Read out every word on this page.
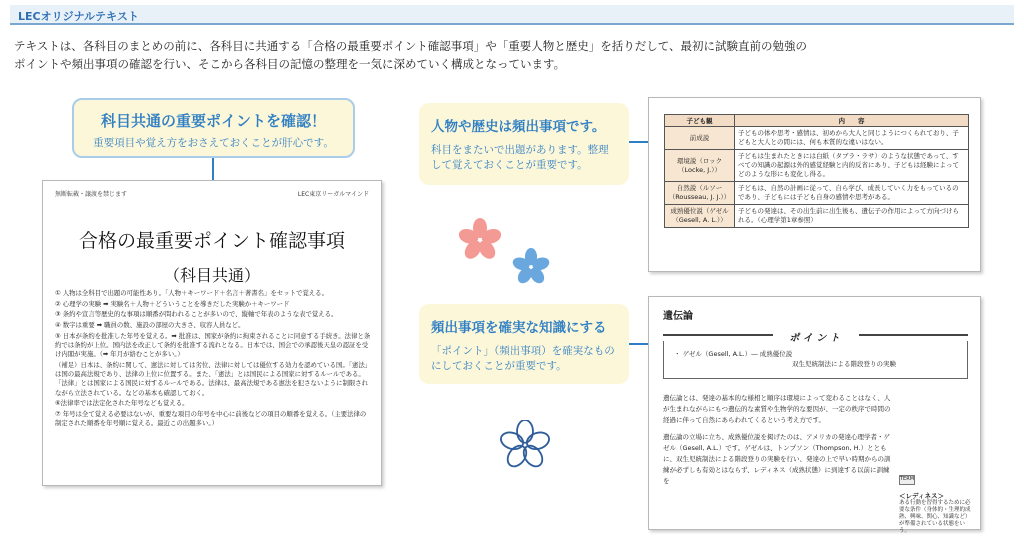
LECオリジナルテキスト
テキストは、各科目のまとめの前に、各科目に共通する「合格の最重要ポイント確認事項」や「重要人物と歴史」を括りだして、最初に試験直前の勉強の
ポイントや頻出事項の確認を行い、そこから各科目の記憶の整理を一気に深めていく構成となっています。
科目共通の重要ポイントを確認！
重要項目や覚え方をおさえておくことが肝心です。
無断転載・譲渡を禁じます	LEC東京リーガルマインド
合格の最重要ポイント確認事項
（科目共通）

① 人物は全科目で出題の可能性あり。「人物＋キーワード＋名言＋著書名」をセットで覚える。

② 心理学の実験 ➡ 実験名＋人物＋どういうことを導きだした実験か＋キーワード

③ 条約や宣言等歴史的な事項は順番が問われることが多いので、縦軸で年表のような表で覚える。

④ 数字は重要 ➡ 職員の数、施設の部屋の大きさ、収容人員など。

⑤ 日本が条約を批准した年号を覚える。➡ 批准は、国家が条約に拘束されることに同意する手続き。法律と条約では条約が上位。国内法を改正して条約を批准する流れとなる。日本では、国会での承認後天皇の認証を受け内閣が実施。（➡ 年月が絡むことが多い。）

（補足）日本は、条約に関して、憲法に対しては劣位、法律に対しては優位する効力を認めている国。「憲法」は国の最高法規であり、法律の上位に位置する。また、「憲法」とは国民による国家に対するルールである。「法律」とは国家による国民に対するルールである。法律は、最高法規である憲法を犯さないように制限されながら立法されている。などの基本も確認しておく。

⑥法律率では法定化された年号なども覚える。

⑦ 年号は全て覚える必要はないが、重要な項目の年号を中心に前後などの項目の順番を覚える。（主要法律の制定された順番を年号順に覚える。最近この出題多い。）

人物や歴史は頻出事項です。
科目をまたいで出題があります。整理
して覚えておくことが重要です。
子ども観	内　　容
前成説	子どもの体や思考・感情は、初めから大人と同じようにつくられており、子どもと大人との間には、何も本質的な違いはない。
環境説（ロック（Locke, J.））	子どもは生まれたときには白紙（タブラ・ラサ）のような状態であって、すべての知識の起源は外的感覚経験と内的反省にあり、子どもは経験によってどのような形にも変化し得る。
自然説（ルソー（Rousseau, J. J.））	子どもは、自然の計画に従って、自ら学び、成長していく力をもっているのであり、子どもには子ども自身の感情や思考がある。
成熟優位説（ゲゼル（Gesell, A. L.））	子どもの発達は、その出生前に出生後も、遺伝子の作用によって方向づけられる。（心理学第1章参照）
頻出事項を確実な知識にする
「ポイント」（頻出事項）を確実なもの
にしておくことが重要です。
遺伝論
ポ イ ン ト
・ ゲゼル（Gesell, A.L.）― 成熟優位説
双生児統制法による階段登りの実験

遺伝論とは、発達の基本的な様相と順序は環境によって変わることはなく、人が生まれながらにもつ遺伝的な素質や生物学的な要因が、一定の秩序で時間の経過に伴って自然にあらわれてくるという考え方です。

遺伝論の立場に立ち、成熟優位説を掲げたのは、アメリカの発達心理学者・ゲゼル（Gesell, A.L.）です。ゲゼルは、トンプソン（Thompson, H.）とともに、双生児統制法による階段登りの実験を行い、発達の上で早い時期からの訓練が必ずしも有効とはならず、レディネス（成熟状態）に到達する以前に訓練を	TERM
＜レディネス＞
ある行動を習得するために必要な条件（身体的・生理的成熟、興味、関心、知識など）が準備されている状態をいう。
